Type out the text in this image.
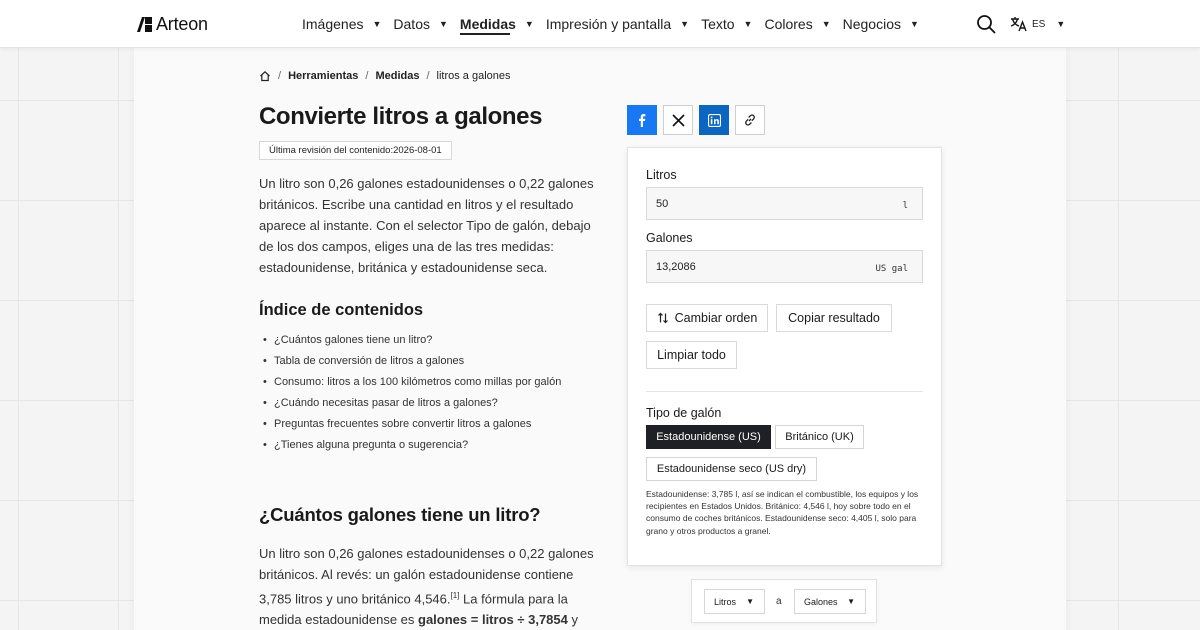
Arteon	Imágenes ▼ Datos ▼ Medidas ▼ Impresión y pantalla ▼ Texto ▼ Colores ▼ Negocios ▼	ES ▼
/ Herramientas / Medidas / litros a galones
Convierte litros a galones
Última revisión del contenido:2026-08-01

Un litro son 0,26 galones estadounidenses o 0,22 galones británicos. Escribe una cantidad en litros y el resultado aparece al instante. Con el selector Tipo de galón, debajo de los dos campos, eliges una de las tres medidas: estadounidense, británica y estadounidense seca.

Índice de contenidos
• ¿Cuántos galones tiene un litro?
• Tabla de conversión de litros a galones
• Consumo: litros a los 100 kilómetros como millas por galón
• ¿Cuándo necesitas pasar de litros a galones?
• Preguntas frecuentes sobre convertir litros a galones
• ¿Tienes alguna pregunta o sugerencia?
¿Cuántos galones tiene un litro?

Un litro son 0,26 galones estadounidenses o 0,22 galones británicos. Al revés: un galón estadounidense contiene 3,785 litros y uno británico 4,546.[1] La fórmula para la medida estadounidense es galones = litros ÷ 3,7854 y

Litros
50
l
Galones
13,2086
US gal
Cambiar orden Copiar resultado
Limpiar todo
Tipo de galón
Estadounidense (US)	Británico (UK)
Estadounidense seco (US dry)

Estadounidense: 3,785 l, así se indican el combustible, los equipos y los recipientes en Estados Unidos. Británico: 4,546 l, hoy sobre todo en el consumo de coches británicos. Estadounidense seco: 4,405 l, solo para grano y otros productos a granel.

Litros ▼ a Galones ▼
